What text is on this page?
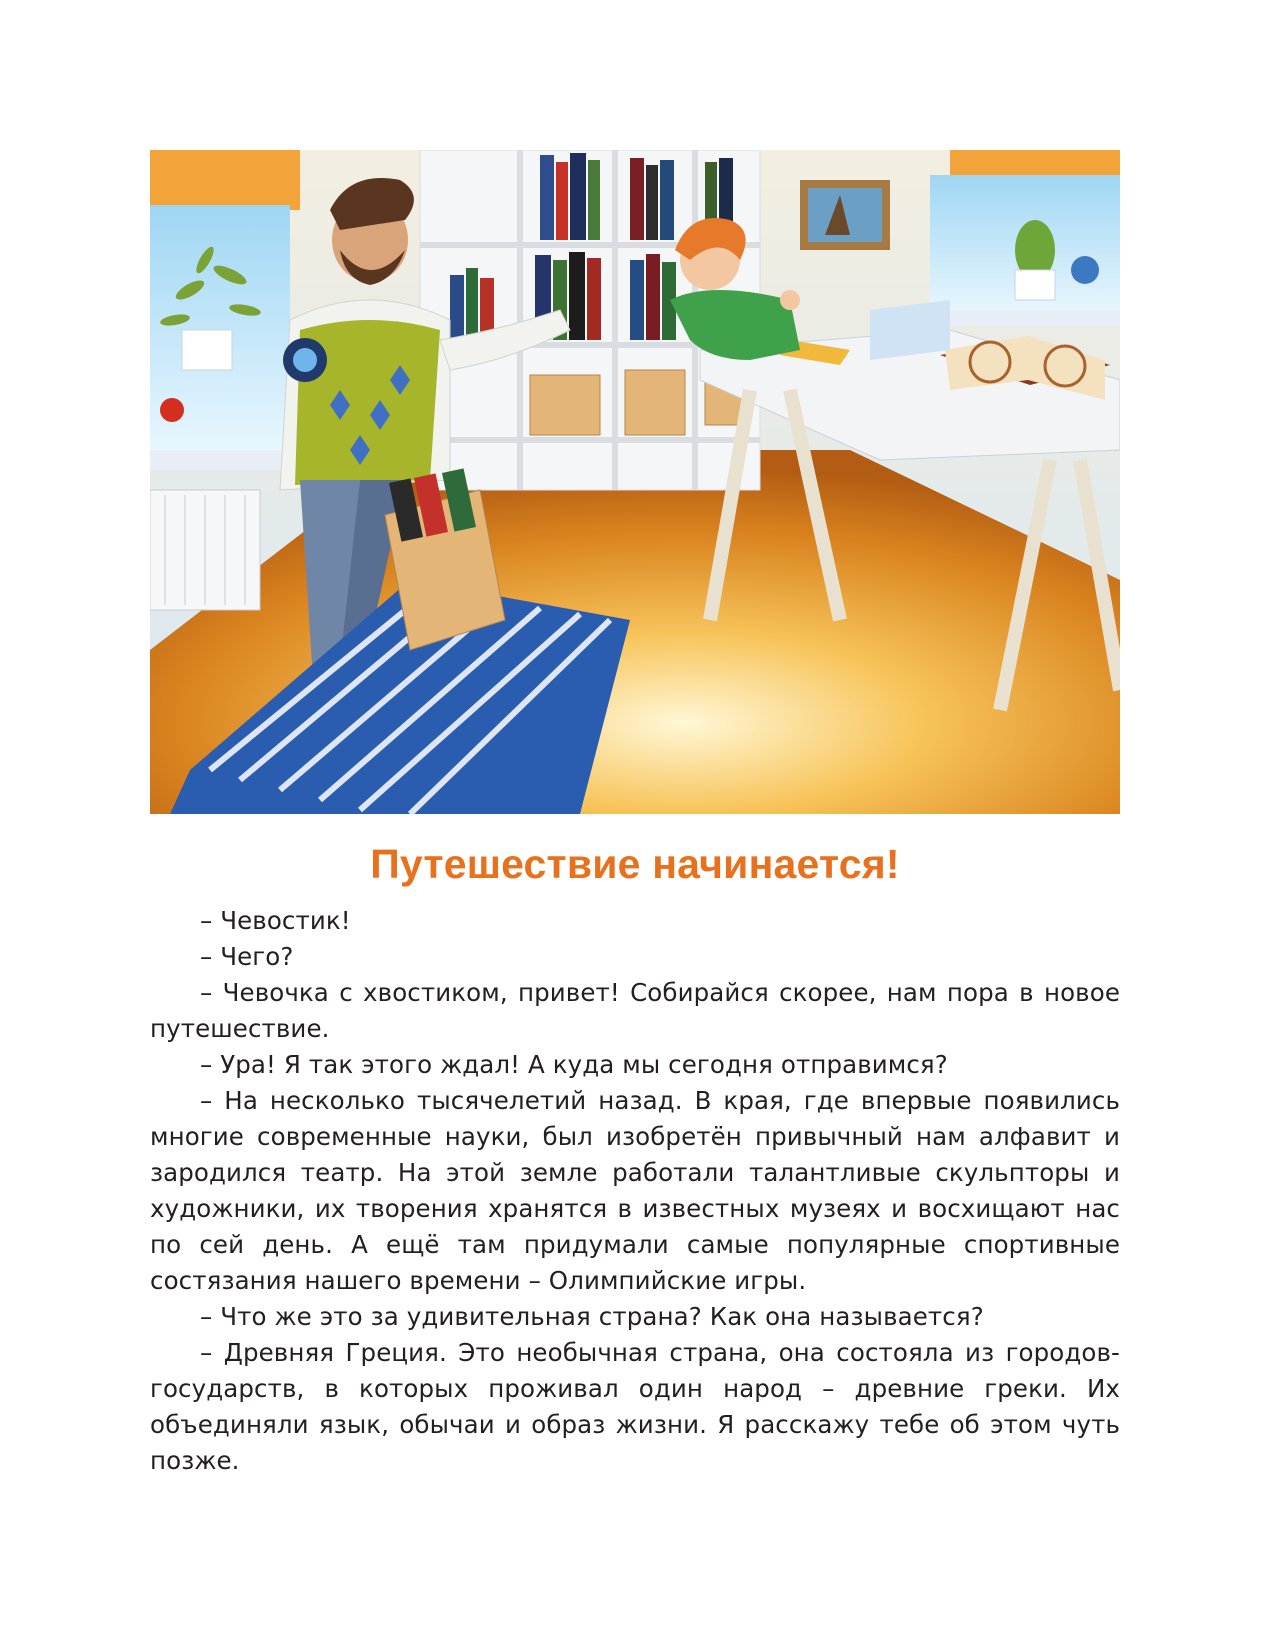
Путешествие начинается!

– Чевостик!

– Чего?

– Чевочка с хвостиком, привет! Собирайся скорее, нам пора в новое путешествие.

– Ура! Я так этого ждал! А куда мы сегодня отправимся?

– На несколько тысячелетий назад. В края, где впервые появились многие современные науки, был изобретён привычный нам алфавит и зародился театр. На этой земле работали талантливые скульпторы и художники, их творения хранятся в известных музеях и восхищают нас по сей день. А ещё там придумали самые популярные спортивные состязания нашего времени – Олимпийские игры.

– Что же это за удивительная страна? Как она называется?

– Древняя Греция. Это необычная страна, она состояла из городов-государств, в которых проживал один народ – древние греки. Их объединяли язык, обычаи и образ жизни. Я расскажу тебе об этом чуть позже.
